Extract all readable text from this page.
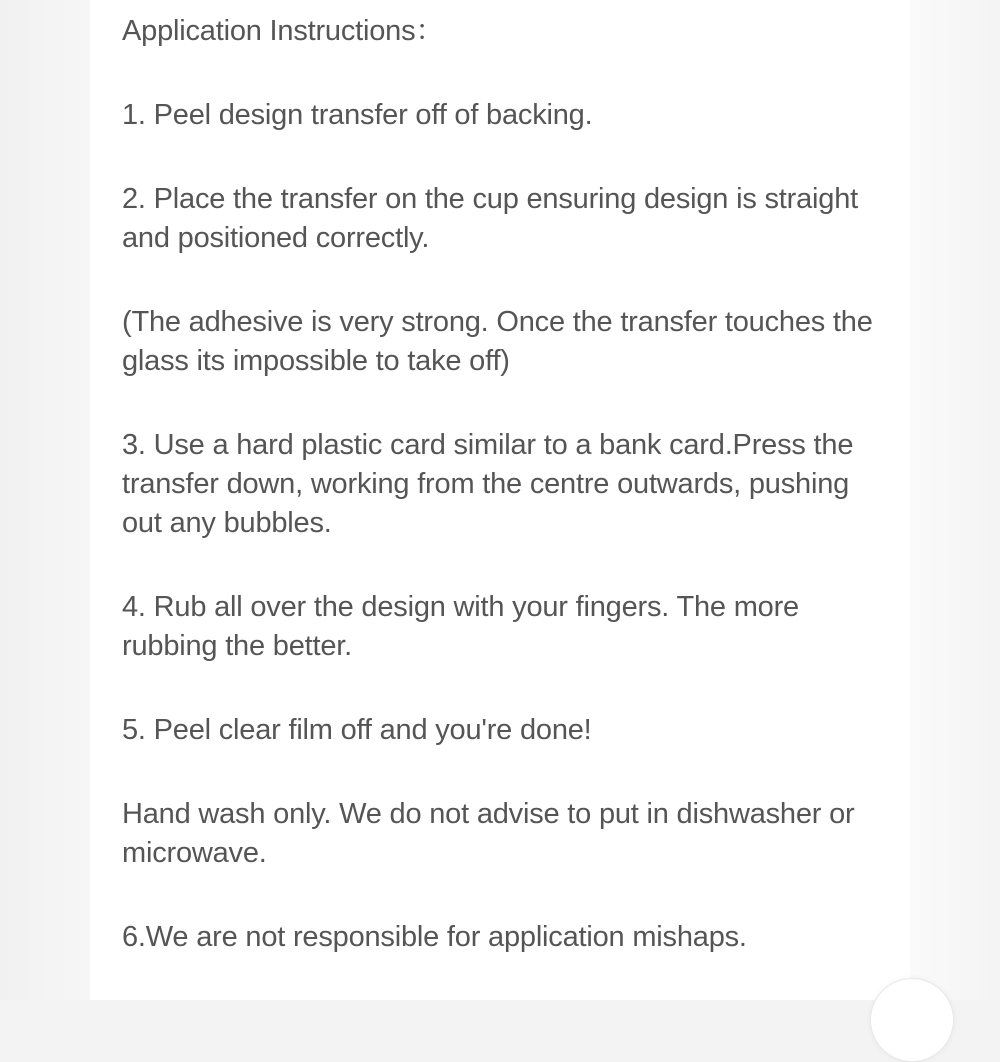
Application Instructions：

1. Peel design transfer off of backing.

2. Place the transfer on the cup ensuring design is straight and positioned correctly.

(The adhesive is very strong. Once the transfer touches the glass its impossible to take off)

3. Use a hard plastic card similar to a bank card.Press the transfer down, working from the centre outwards, pushing out any bubbles.

4. Rub all over the design with your fingers. The more rubbing the better.

5. Peel clear film off and you're done!

Hand wash only. We do not advise to put in dishwasher or microwave.

6.We are not responsible for application mishaps.
